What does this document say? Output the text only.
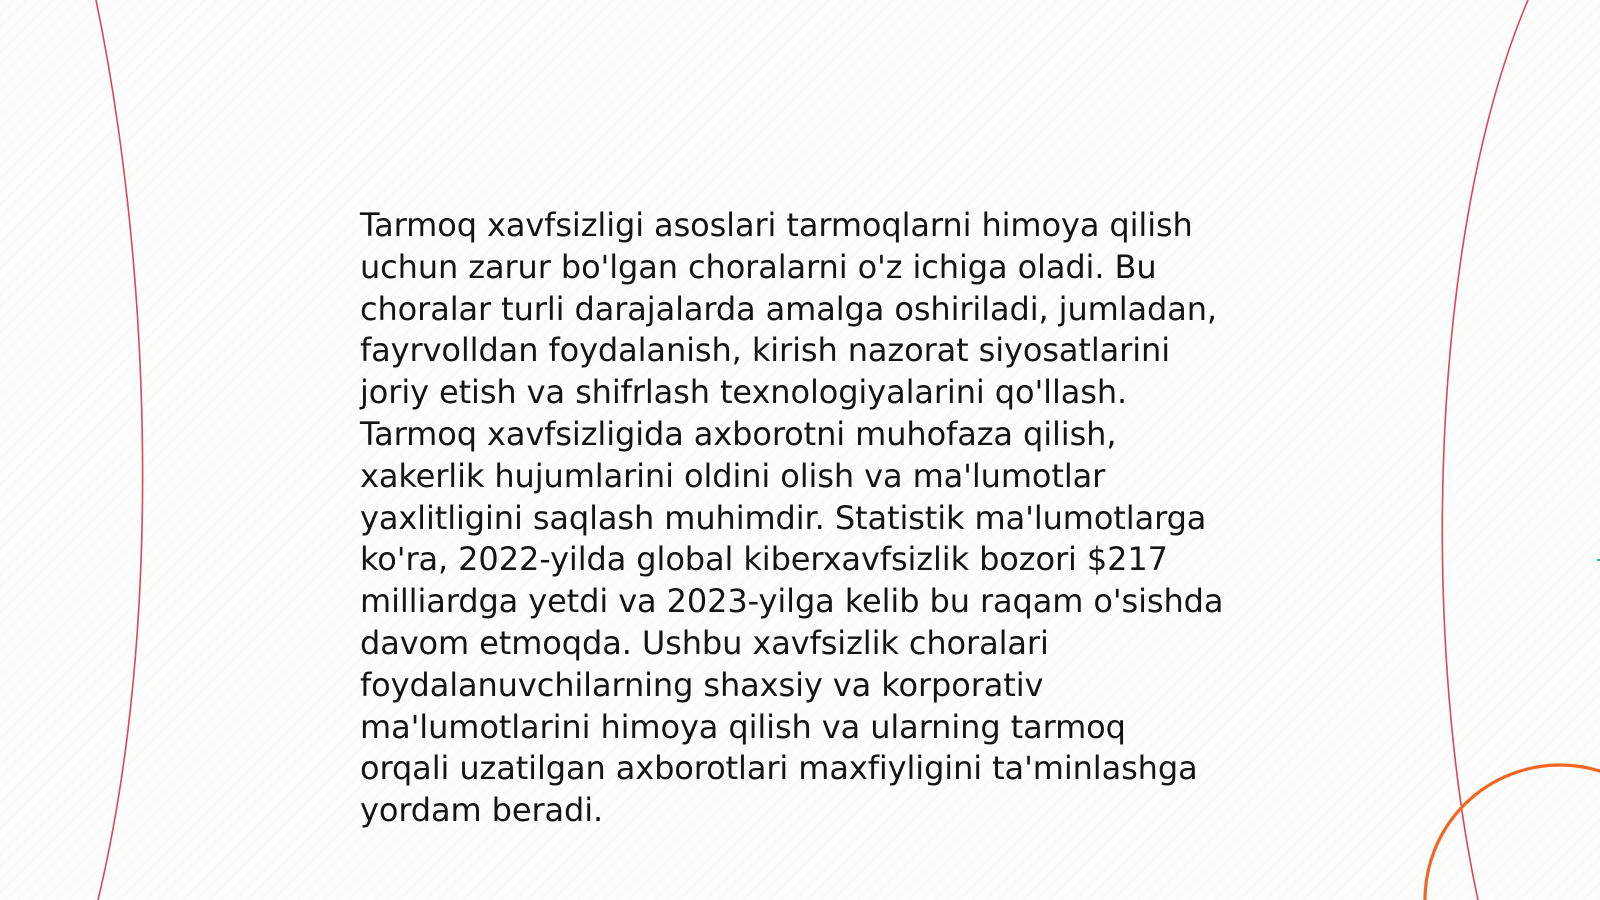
Tarmoq xavfsizligi asoslari tarmoqlarni himoya qilish
uchun zarur bo'lgan choralarni o'z ichiga oladi. Bu
choralar turli darajalarda amalga oshiriladi, jumladan,
fayrvolldan foydalanish, kirish nazorat siyosatlarini
joriy etish va shifrlash texnologiyalarini qo'llash.
Tarmoq xavfsizligida axborotni muhofaza qilish,
xakerlik hujumlarini oldini olish va ma'lumotlar
yaxlitligini saqlash muhimdir. Statistik ma'lumotlarga
ko'ra, 2022-yilda global kiberxavfsizlik bozori $217
milliardga yetdi va 2023-yilga kelib bu raqam o'sishda
davom etmoqda. Ushbu xavfsizlik choralari
foydalanuvchilarning shaxsiy va korporativ
ma'lumotlarini himoya qilish va ularning tarmoq
orqali uzatilgan axborotlari maxfiyligini ta'minlashga
yordam beradi.
